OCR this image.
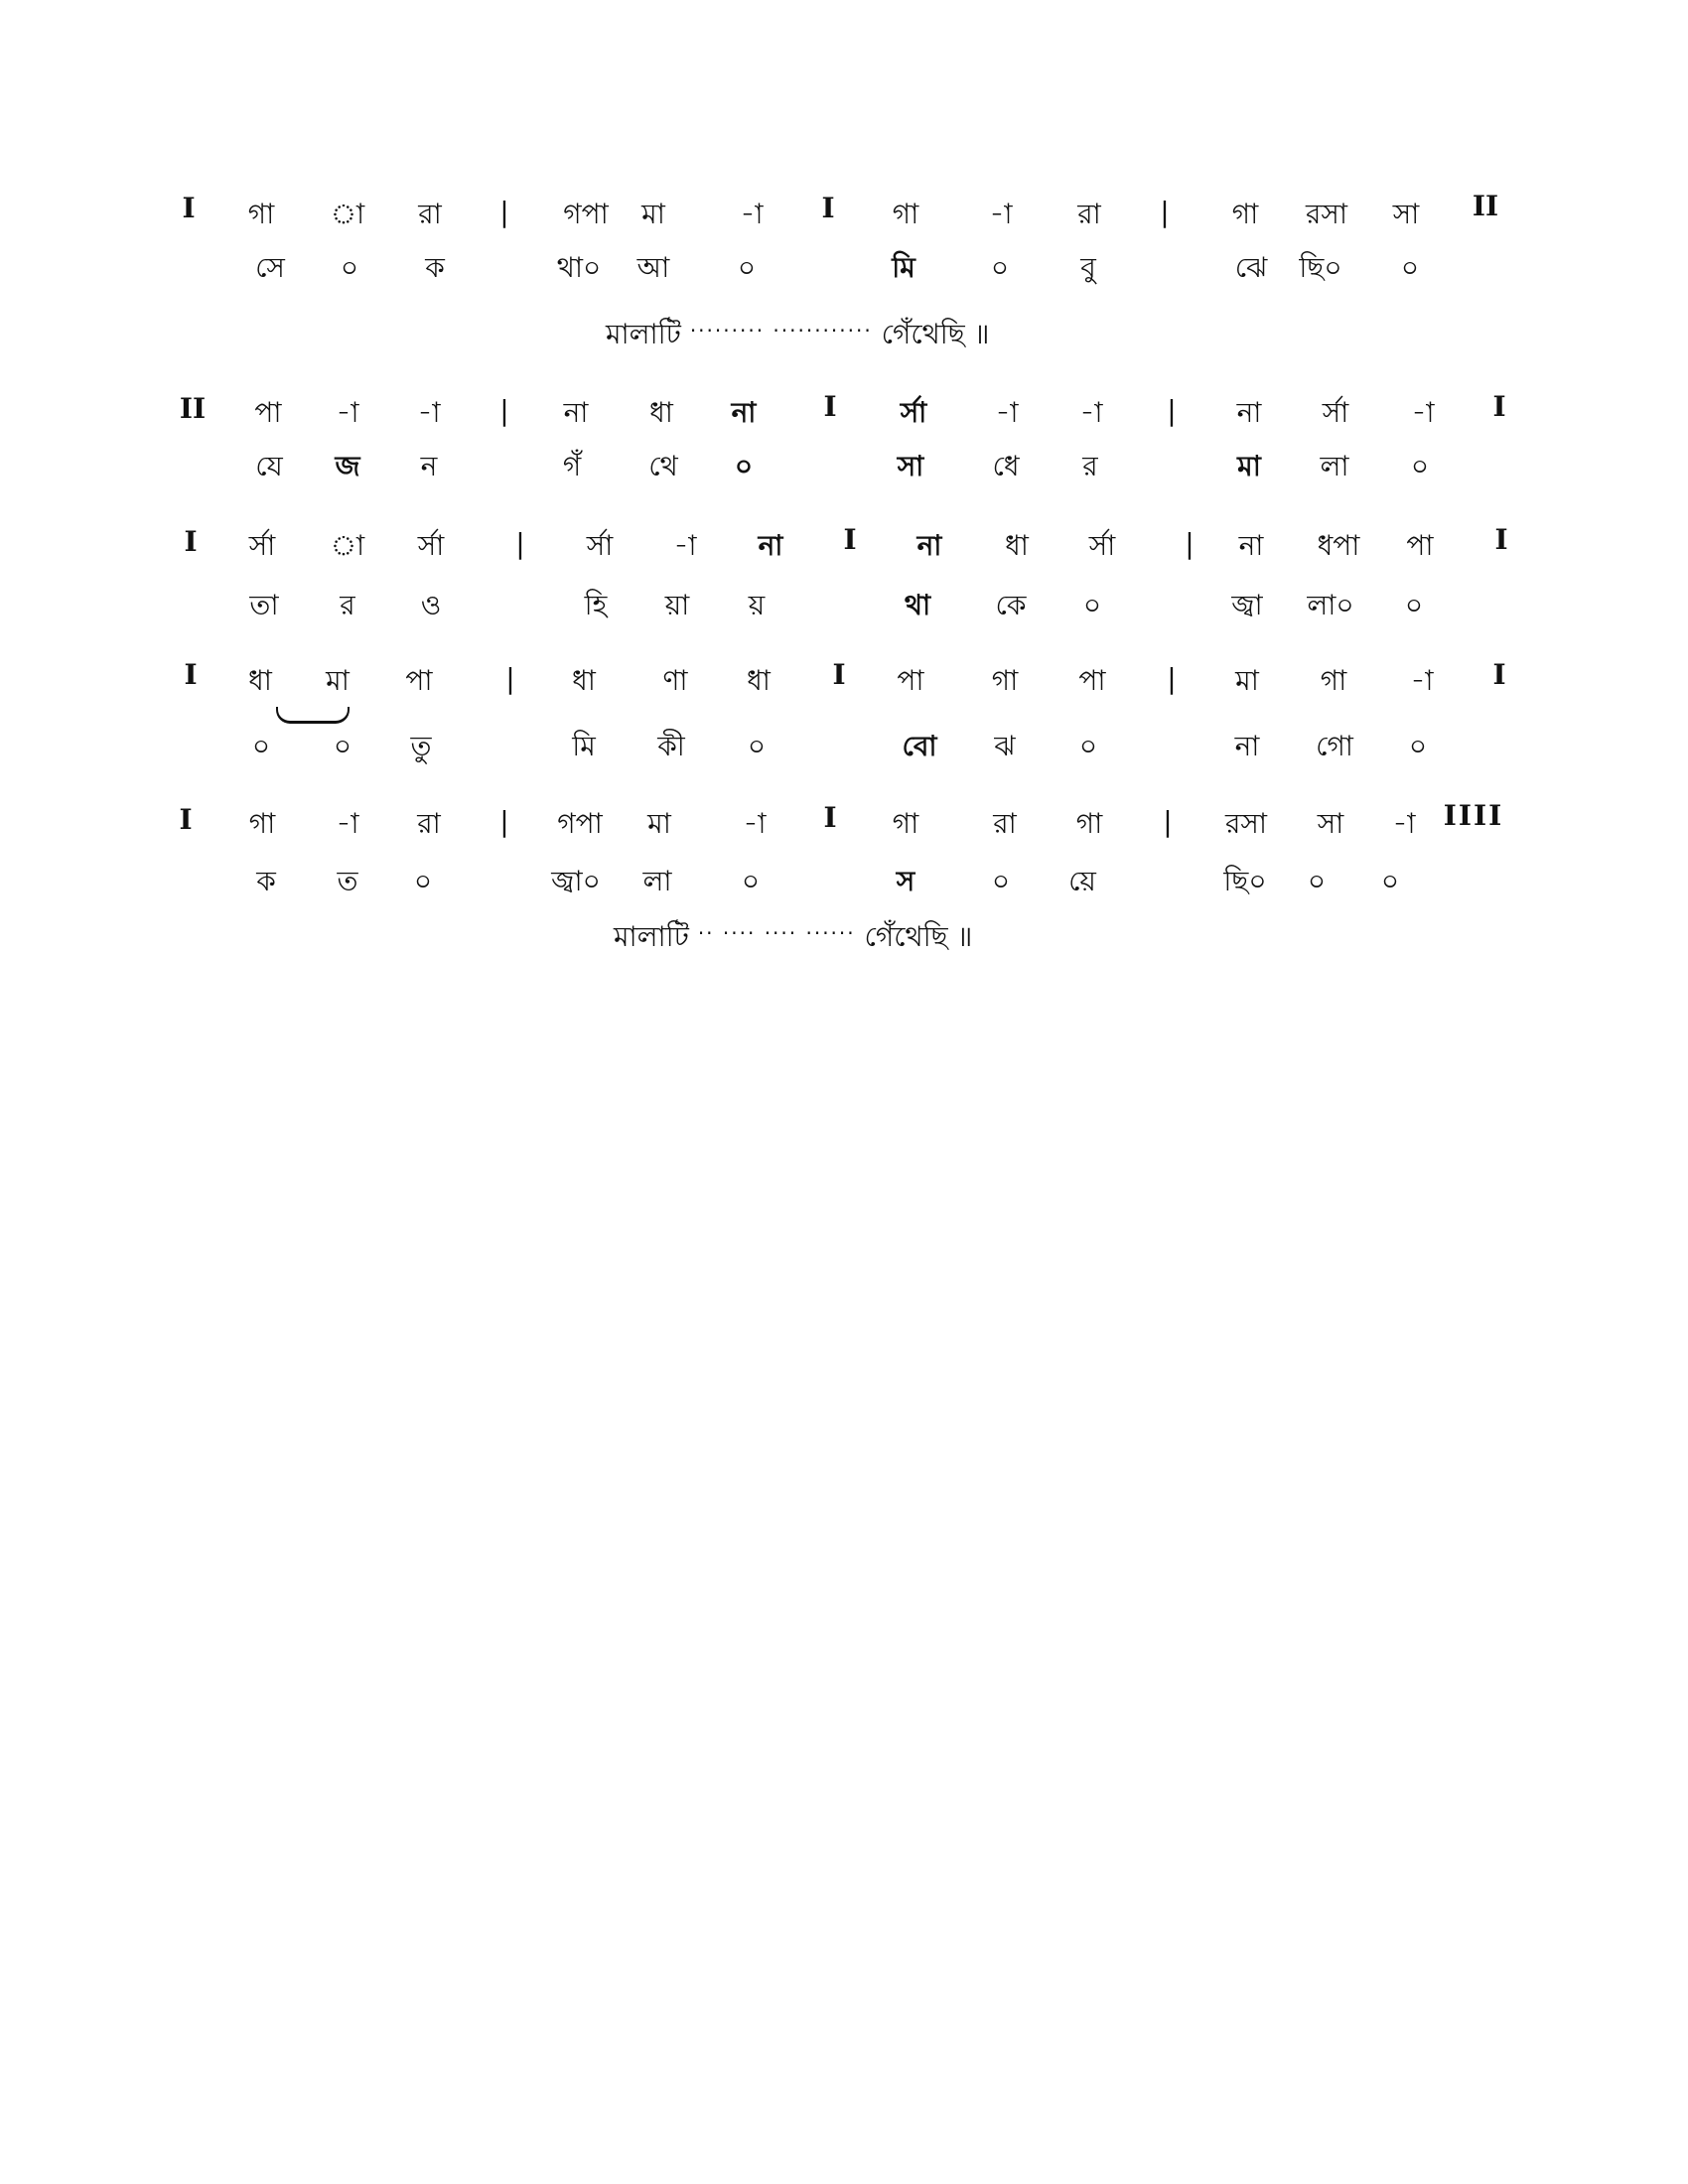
I গা া রা | গপা মা	-া I গা	-া রা | গা রসা সা II
সে ০ ক	থা০ আ ০	মি	০	বু	ঝে ছি০ ০
মালাটি ········· ············ গেঁথেছি ॥
II পা -া -া | না ধা না I র্সা -া -া | না র্সা -া I
যে জ ন	গঁ থে ০	সা ধে র	মা লা ০
I র্সা া র্সা	| র্সা -া না I না ধা র্সা | না ধপা পা I
তা র ও	হি য়া য়	থা কে ০	জ্বা লা০ ০
I ধা মা পা	| ধা ণা ধা I পা গা পা | মা গা -া I
০ ০ তু	মি কী ০	বো ঝ ০	না গো ০
I গা -া রা | গপা মা	-া I গা	রা গা | রসা সা -া IIII
ক ত ০	জ্বা০ লা	০	স	০ য়ে	ছি০ ০ ০
মালাটি ·· ···· ···· ······ গেঁথেছি ॥
